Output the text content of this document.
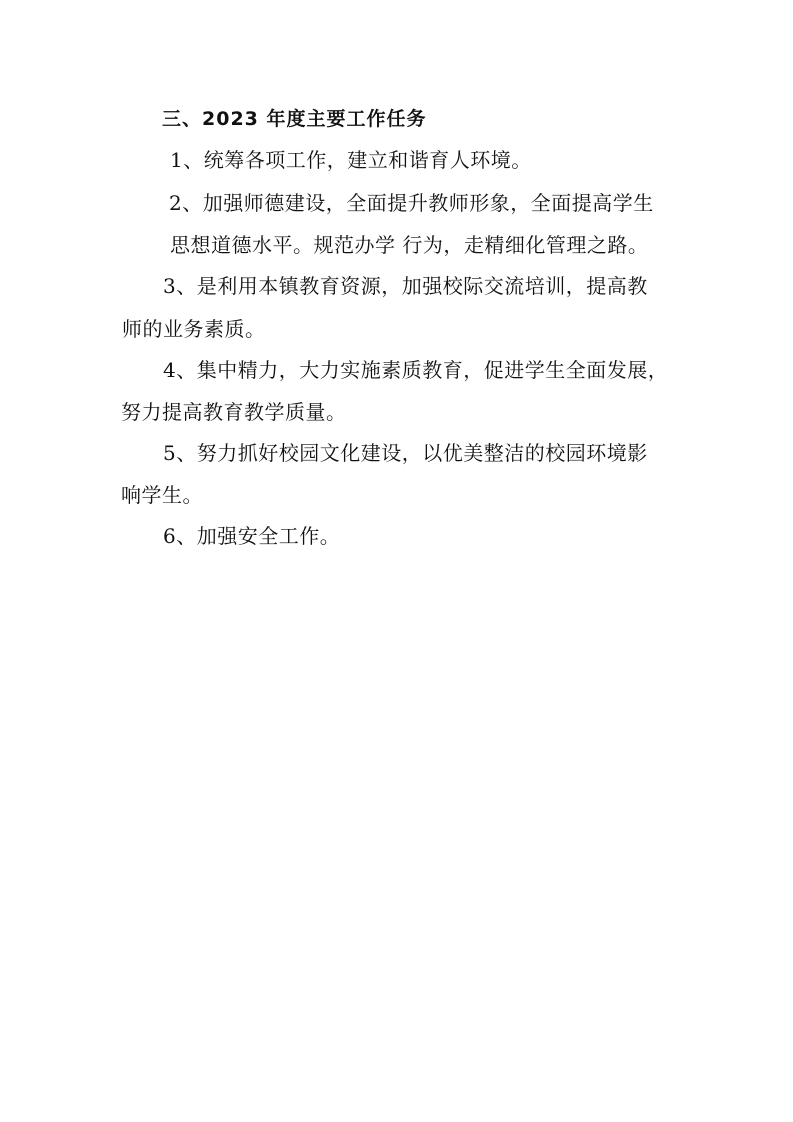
三、2023 年度主要工作任务
1、统筹各项工作，建立和谐育人环境。
2、加强师德建设，全面提升教师形象，全面提高学生
思想道德水平。规范办学 行为，走精细化管理之路。
3、是利用本镇教育资源，加强校际交流培训，提高教
师的业务素质。
4、集中精力，大力实施素质教育，促进学生全面发展，
努力提高教育教学质量。
5、努力抓好校园文化建设，以优美整洁的校园环境影
响学生。
6、加强安全工作。
